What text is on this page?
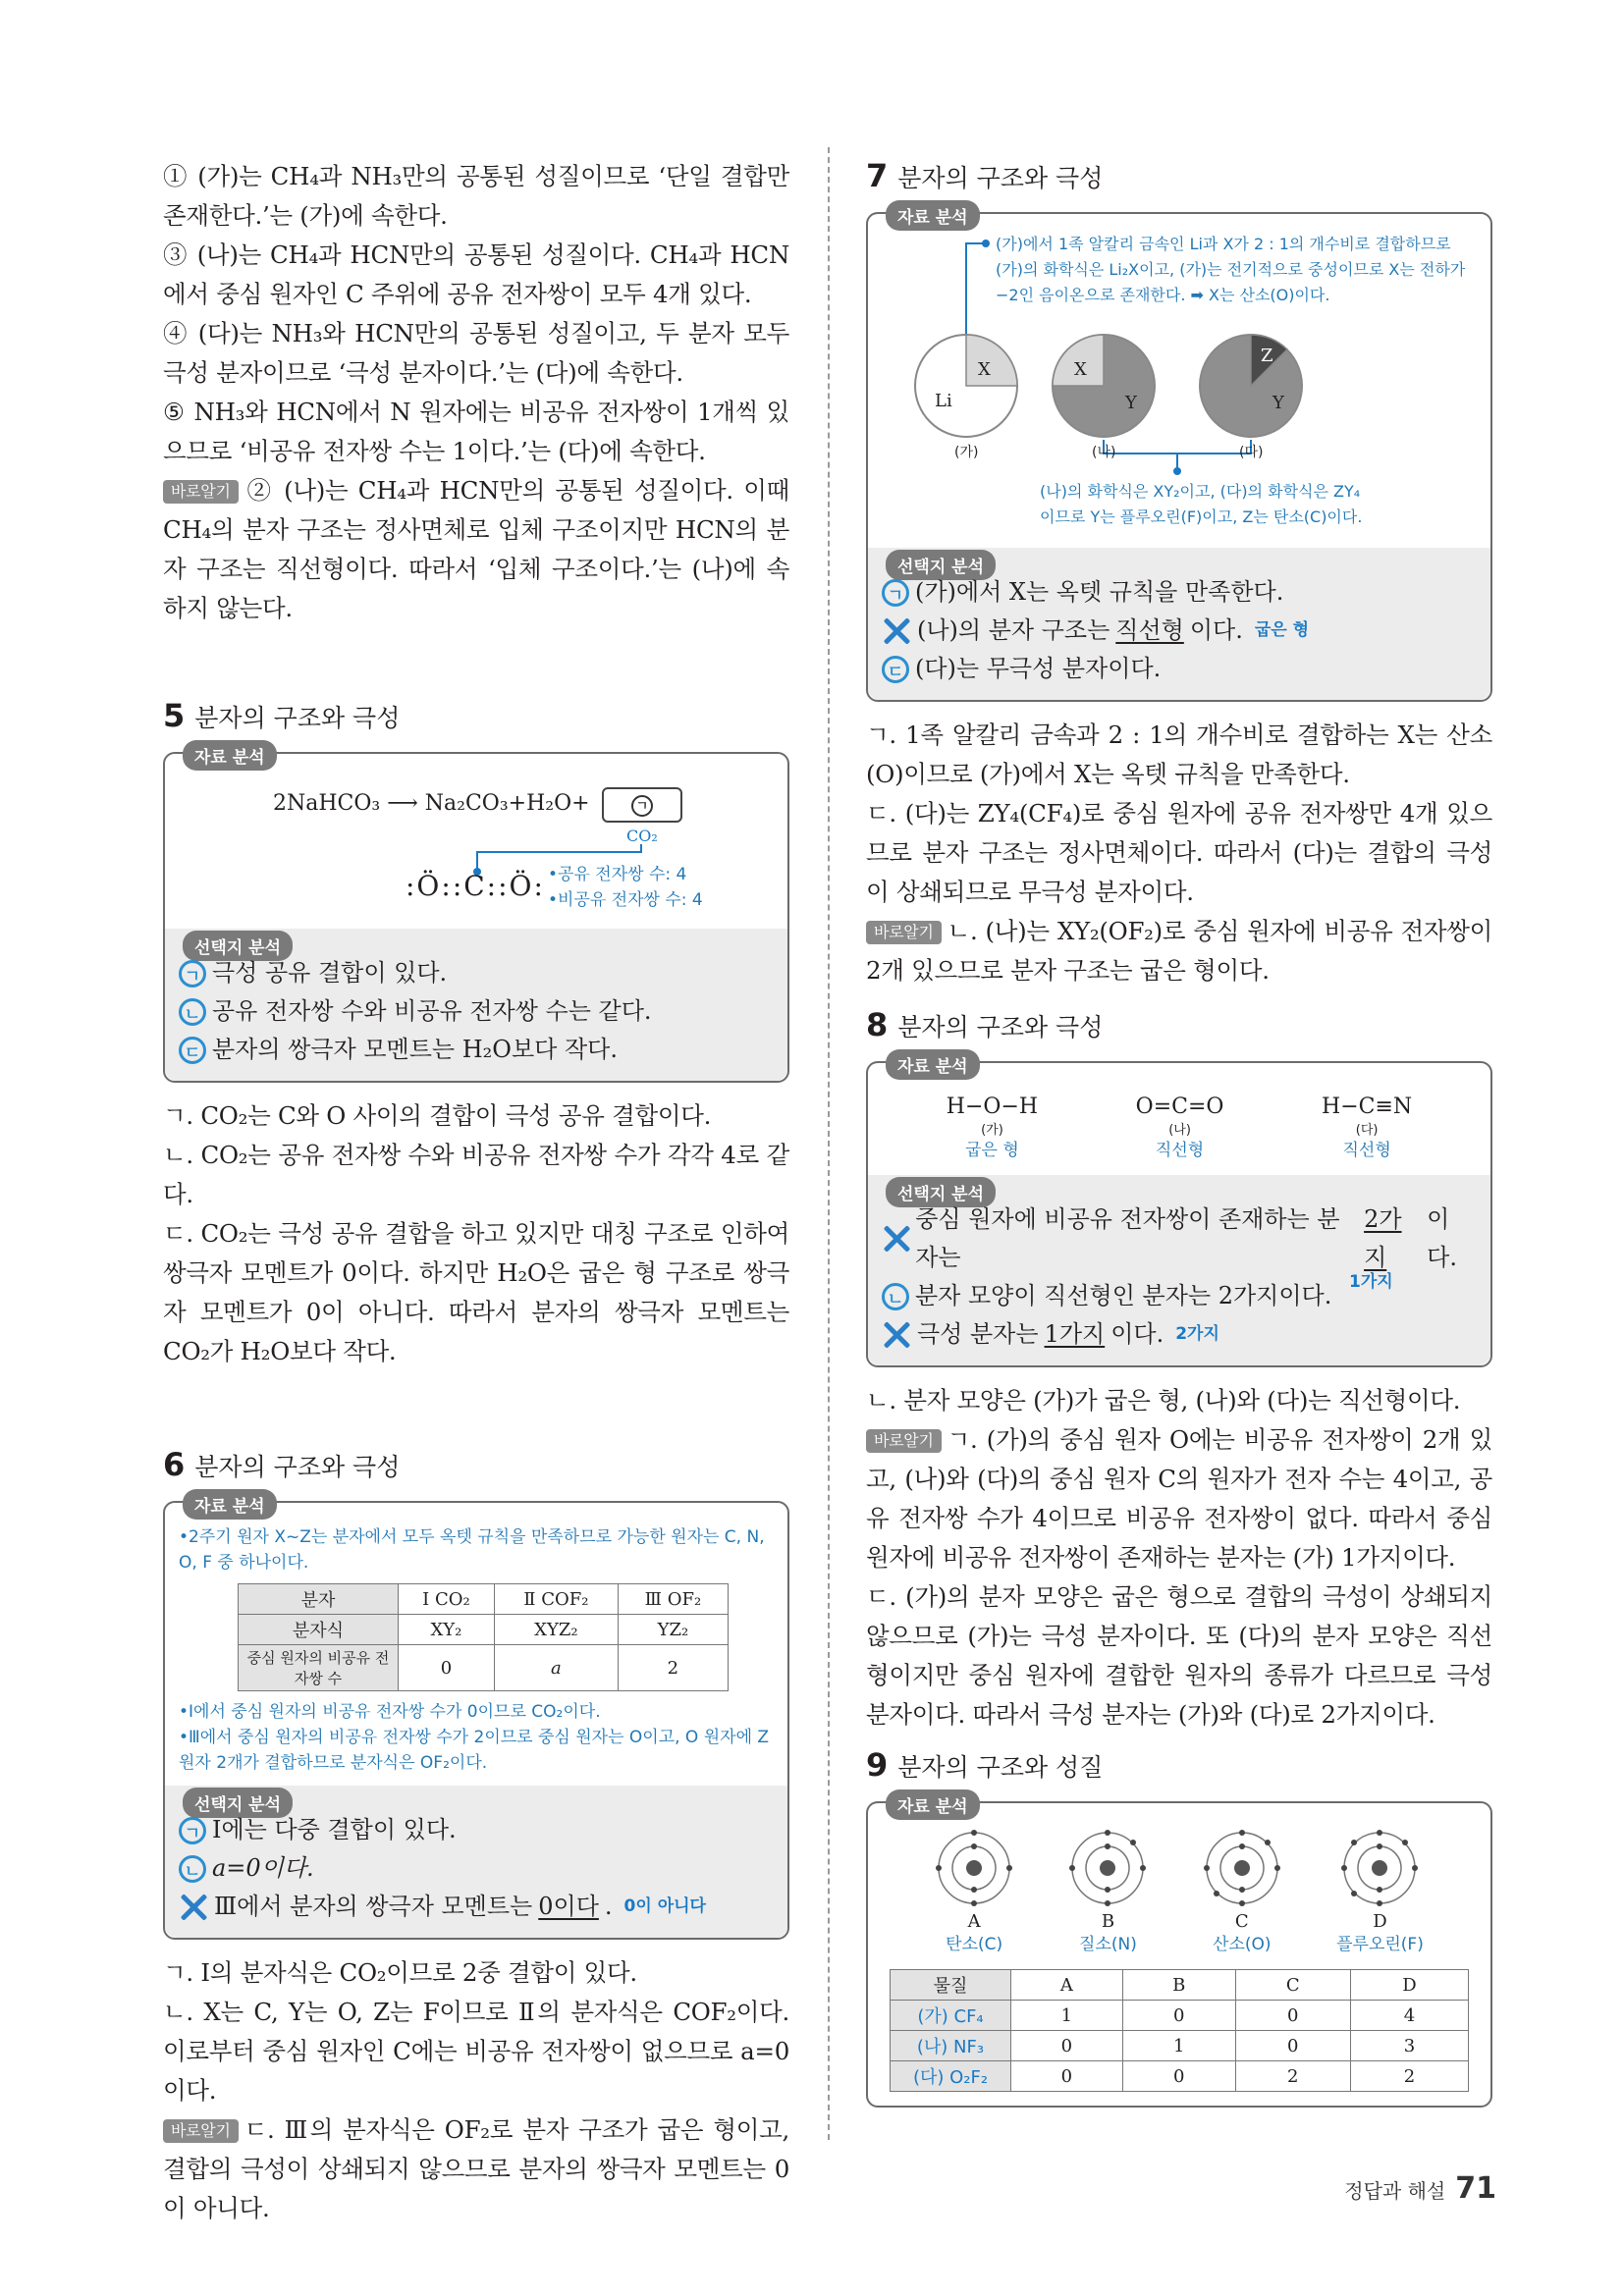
① (가)는 CH₄과 NH₃만의 공통된 성질이므로 ‘단일 결합만 존재한다.’는 (가)에 속한다.

③ (나)는 CH₄과 HCN만의 공통된 성질이다. CH₄과 HCN에서 중심 원자인 C 주위에 공유 전자쌍이 모두 4개 있다.

④ (다)는 NH₃와 HCN만의 공통된 성질이고, 두 분자 모두 극성 분자이므로 ‘극성 분자이다.’는 (다)에 속한다.

⑤ NH₃와 HCN에서 N 원자에는 비공유 전자쌍이 1개씩 있으므로 ‘비공유 전자쌍 수는 1이다.’는 (다)에 속한다.

바로알기 ② (나)는 CH₄과 HCN만의 공통된 성질이다. 이때 CH₄의 분자 구조는 정사면체로 입체 구조이지만 HCN의 분자 구조는 직선형이다. 따라서 ‘입체 구조이다.’는 (나)에 속하지 않는다.

5 분자의 구조와 극성
자료 분석
2NaHCO₃ ⟶ Na₂CO₃+H₂O+	ㄱ
CO₂
:Ö::C::Ö: •공유 전자쌍 수: 4
•비공유 전자쌍 수: 4
선택지 분석
ㄱ 극성 공유 결합이 있다.
ㄴ 공유 전자쌍 수와 비공유 전자쌍 수는 같다.
ㄷ 분자의 쌍극자 모멘트는 H₂O보다 작다.

ㄱ. CO₂는 C와 O 사이의 결합이 극성 공유 결합이다.

ㄴ. CO₂는 공유 전자쌍 수와 비공유 전자쌍 수가 각각 4로 같다.

ㄷ. CO₂는 극성 공유 결합을 하고 있지만 대칭 구조로 인하여 쌍극자 모멘트가 0이다. 하지만 H₂O은 굽은 형 구조로 쌍극자 모멘트가 0이 아니다. 따라서 분자의 쌍극자 모멘트는 CO₂가 H₂O보다 작다.

6 분자의 구조와 극성
자료 분석
•2주기 원자 X~Z는 분자에서 모두 옥텟 규칙을 만족하므로 가능한 원자는 C, N, O, F 중 하나이다.
분자	Ⅰ CO₂	Ⅱ COF₂	Ⅲ OF₂
분자식	XY₂	XYZ₂	YZ₂
중심 원자의 비공유 전자쌍 수	0	a	2
•Ⅰ에서 중심 원자의 비공유 전자쌍 수가 0이므로 CO₂이다.
•Ⅲ에서 중심 원자의 비공유 전자쌍 수가 2이므로 중심 원자는 O이고, O 원자에 Z 원자 2개가 결합하므로 분자식은 OF₂이다.
선택지 분석
ㄱ Ⅰ에는 다중 결합이 있다.
ㄴ a=0이다.
Ⅲ에서 분자의 쌍극자 모멘트는 0이다 . 0이 아니다

ㄱ. Ⅰ의 분자식은 CO₂이므로 2중 결합이 있다.

ㄴ. X는 C, Y는 O, Z는 F이므로 Ⅱ의 분자식은 COF₂이다. 이로부터 중심 원자인 C에는 비공유 전자쌍이 없으므로 a=0이다.

바로알기 ㄷ. Ⅲ의 분자식은 OF₂로 분자 구조가 굽은 형이고, 결합의 극성이 상쇄되지 않으므로 분자의 쌍극자 모멘트는 0이 아니다.

7 분자의 구조와 극성
자료 분석
(가)에서 1족 알칼리 금속인 Li과 X가 2 : 1의 개수비로 결합하므로 (가)의 화학식은 Li₂X이고, (가)는 전기적으로 중성이므로 X는 전하가 −2인 음이온으로 존재한다. ➡ X는 산소(O)이다.
Li
X	X
Y
Z
Y
(가)	(나)	(다)
(나)의 화학식은 XY₂이고, (다)의 화학식은 ZY₄이므로 Y는 플루오린(F)이고, Z는 탄소(C)이다.
선택지 분석
ㄱ (가)에서 X는 옥텟 규칙을 만족한다.
(나)의 분자 구조는 직선형 이다. 굽은 형
ㄷ (다)는 무극성 분자이다.

ㄱ. 1족 알칼리 금속과 2 : 1의 개수비로 결합하는 X는 산소(O)이므로 (가)에서 X는 옥텟 규칙을 만족한다.

ㄷ. (다)는 ZY₄(CF₄)로 중심 원자에 공유 전자쌍만 4개 있으므로 분자 구조는 정사면체이다. 따라서 (다)는 결합의 극성이 상쇄되므로 무극성 분자이다.

바로알기 ㄴ. (나)는 XY₂(OF₂)로 중심 원자에 비공유 전자쌍이 2개 있으므로 분자 구조는 굽은 형이다.

8 분자의 구조와 극성
자료 분석
H−O−H
(가)
굽은 형
O=C=O
(나)
직선형
H−C≡N
(다)
직선형
선택지 분석
중심 원자에 비공유 전자쌍이 존재하는 분자는
2가지
이다.
ㄴ 분자 모양이 직선형인 분자는 2가지이다. 1가지
극성 분자는 1가지 이다. 2가지

ㄴ. 분자 모양은 (가)가 굽은 형, (나)와 (다)는 직선형이다.

바로알기 ㄱ. (가)의 중심 원자 O에는 비공유 전자쌍이 2개 있고, (나)와 (다)의 중심 원자 C의 원자가 전자 수는 4이고, 공유 전자쌍 수가 4이므로 비공유 전자쌍이 없다. 따라서 중심 원자에 비공유 전자쌍이 존재하는 분자는 (가) 1가지이다.

ㄷ. (가)의 분자 모양은 굽은 형으로 결합의 극성이 상쇄되지 않으므로 (가)는 극성 분자이다. 또 (다)의 분자 모양은 직선형이지만 중심 원자에 결합한 원자의 종류가 다르므로 극성 분자이다. 따라서 극성 분자는 (가)와 (다)로 2가지이다.

9 분자의 구조와 성질
자료 분석
A
탄소(C)
B
질소(N)
C
산소(O)
D
플루오린(F)
물질	A	B	C	D
(가) CF₄	1	0	0	4
(나) NF₃	0	1	0	3
(다) O₂F₂	0	0	2	2
정답과 해설 71
